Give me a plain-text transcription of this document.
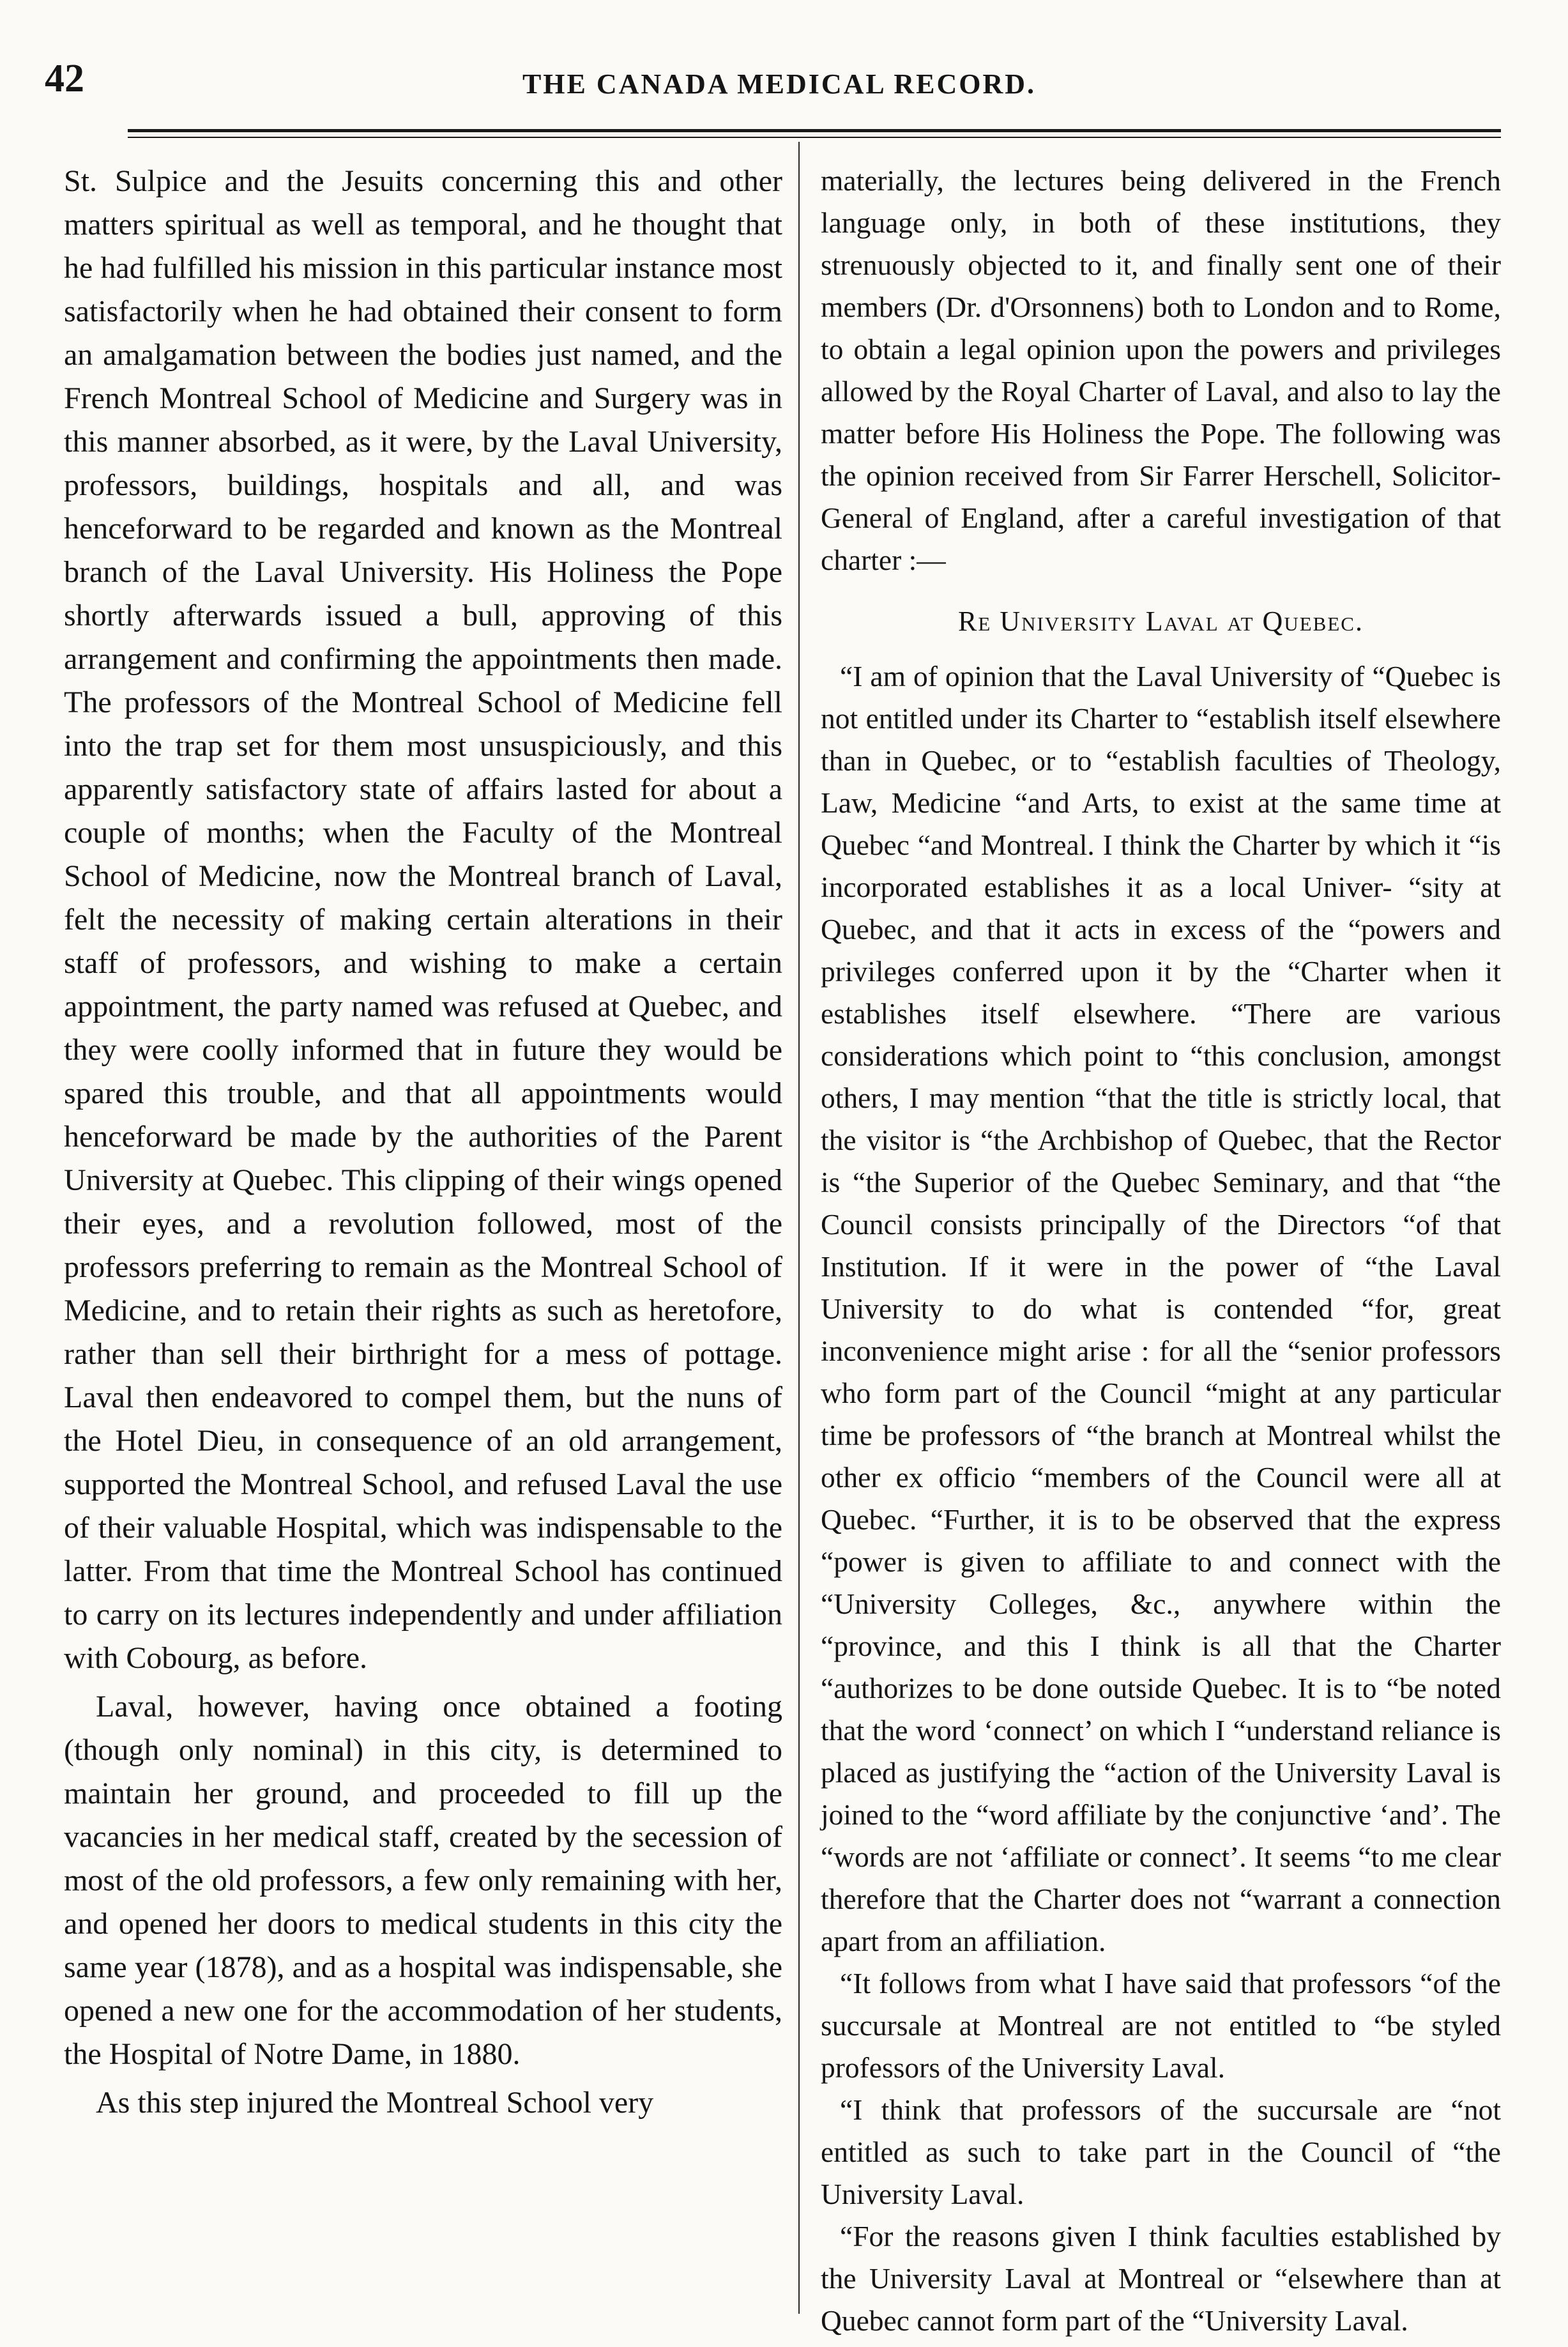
42	THE CANADA MEDICAL RECORD.

St. Sulpice and the Jesuits concerning this and other matters spiritual as well as temporal, and he thought that he had fulfilled his mission in this particular instance most satisfactorily when he had obtained their consent to form an amalgamation between the bodies just named, and the French Montreal School of Medicine and Surgery was in this manner absorbed, as it were, by the Laval University, professors, buildings, hospitals and all, and was henceforward to be regarded and known as the Montreal branch of the Laval University. His Holiness the Pope shortly afterwards issued a bull, approving of this arrangement and confirming the appointments then made. The professors of the Montreal School of Medicine fell into the trap set for them most unsuspiciously, and this apparently satisfactory state of affairs lasted for about a couple of months; when the Faculty of the Montreal School of Medicine, now the Montreal branch of Laval, felt the necessity of making certain alterations in their staff of professors, and wishing to make a certain appointment, the party named was refused at Quebec, and they were coolly informed that in future they would be spared this trouble, and that all appointments would henceforward be made by the authorities of the Parent University at Quebec. This clipping of their wings opened their eyes, and a revolution followed, most of the professors preferring to remain as the Montreal School of Medicine, and to retain their rights as such as heretofore, rather than sell their birthright for a mess of pottage. Laval then endeavored to compel them, but the nuns of the Hotel Dieu, in consequence of an old arrangement, supported the Montreal School, and refused Laval the use of their valuable Hospital, which was indispensable to the latter. From that time the Montreal School has continued to carry on its lectures independently and under affiliation with Cobourg, as before.

Laval, however, having once obtained a footing (though only nominal) in this city, is determined to maintain her ground, and proceeded to fill up the vacancies in her medical staff, created by the secession of most of the old professors, a few only remaining with her, and opened her doors to medical students in this city the same year (1878), and as a hospital was indispensable, she opened a new one for the accommodation of her students, the Hospital of Notre Dame, in 1880.

As this step injured the Montreal School very

materially, the lectures being delivered in the French language only, in both of these institutions, they strenuously objected to it, and finally sent one of their members (Dr. d'Orsonnens) both to London and to Rome, to obtain a legal opinion upon the powers and privileges allowed by the Royal Charter of Laval, and also to lay the matter before His Holiness the Pope. The following was the opinion received from Sir Farrer Herschell, Solicitor-General of England, after a careful investigation of that charter :—

Re University Laval at Quebec.

“I am of opinion that the Laval University of “Quebec is not entitled under its Charter to “establish itself elsewhere than in Quebec, or to “establish faculties of Theology, Law, Medicine “and Arts, to exist at the same time at Quebec “and Montreal. I think the Charter by which it “is incorporated establishes it as a local Univer- “sity at Quebec, and that it acts in excess of the “powers and privileges conferred upon it by the “Charter when it establishes itself elsewhere. “There are various considerations which point to “this conclusion, amongst others, I may mention “that the title is strictly local, that the visitor is “the Archbishop of Quebec, that the Rector is “the Superior of the Quebec Seminary, and that “the Council consists principally of the Directors “of that Institution. If it were in the power of “the Laval University to do what is contended “for, great inconvenience might arise : for all the “senior professors who form part of the Council “might at any particular time be professors of “the branch at Montreal whilst the other ex officio “members of the Council were all at Quebec. “Further, it is to be observed that the express “power is given to affiliate to and connect with the “University Colleges, &c., anywhere within the “province, and this I think is all that the Charter “authorizes to be done outside Quebec. It is to “be noted that the word ‘connect’ on which I “understand reliance is placed as justifying the “action of the University Laval is joined to the “word affiliate by the conjunctive ‘and’. The “words are not ‘affiliate or connect’. It seems “to me clear therefore that the Charter does not “warrant a connection apart from an affiliation.

“It follows from what I have said that professors “of the succursale at Montreal are not entitled to “be styled professors of the University Laval.

“I think that professors of the succursale are “not entitled as such to take part in the Council of “the University Laval.

“For the reasons given I think faculties established by the University Laval at Montreal or “elsewhere than at Quebec cannot form part of the “University Laval.
